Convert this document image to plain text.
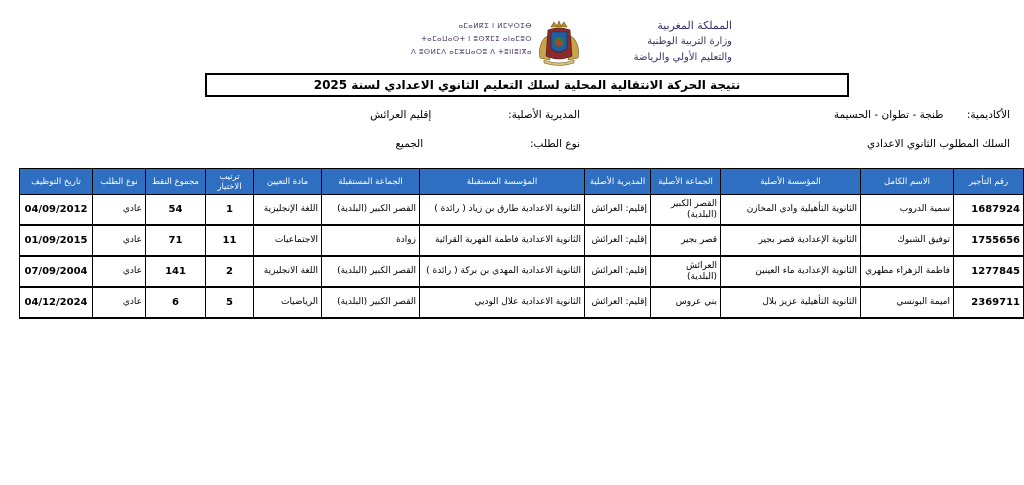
ⴰⵎⴰⵍⴽⵉ ⵏ ⵍⵎⵖⵔⵉⴱ
ⵜⴰⵎⴰⵡⴰⵙⵜ ⵏ ⵓⵙⴳⵎⵉ ⴰⵏⴰⵎⵓⵔ
ⴷ ⵓⵙⵍⵎⴷ ⴰⵎⵣⵡⴰⵔⵓ ⴷ ⵜⵓⵏⵏⵓⵏⴳⴰ
المملكة المغربية
وزارة التربية الوطنية
والتعليم الأولي والرياضة
نتيجة الحركة الانتقالية المحلية لسلك التعليم الثانوي الاعدادي لسنة 2025
الأكاديمية:       طنجة - تطوان - الحسيمة
المديرية الأصلية:                       إقليم العرائش
السلك المطلوب الثانوي الاعدادي
نوع الطلب:                                الجميع
رقم التأجير	الاسم الكامل	المؤسسة الأصلية	الجماعة الأصلية	المديرية الأصلية	المؤسسة المستقبلة	الجماعة المستقبلة	مادة التعيين	ترتيب الاختيار	مجموع النقط	نوع الطلب	تاريخ التوظيف
1687924	سمية الدروب	الثانوية التأهيلية وادي المخازن	القصر الكبير (البلدية)	إقليم: العرائش	الثانوية الاعدادية طارق بن زياد ( رائدة )	القصر الكبير (البلدية)	اللغة الإنجليزية	1	54	عادي	04/09/2012
1755656	توفيق الشبوك	الثانوية الإعدادية قصر بجير	قصر بجير	إقليم: العرائش	الثانوية الاعدادية فاطمة الفهرية القرائية	زوادة	الاجتماعيات	11	71	عادي	01/09/2015
1277845	فاطمة الزهراء مطهري	الثانوية الإعدادية ماء العينين	العرائش (البلدية)	إقليم: العرائش	الثانوية الاعدادية المهدي بن بركة ( رائدة )	القصر الكبير (البلدية)	اللغة الانجليزية	2	141	عادي	07/09/2004
2369711	اميمة البونسي	الثانوية التأهيلية عزيز بلال	بني عروس	إقليم: العرائش	الثانوية الاعدادية علال الوديي	القصر الكبير (البلدية)	الرياضيات	5	6	عادي	04/12/2024
